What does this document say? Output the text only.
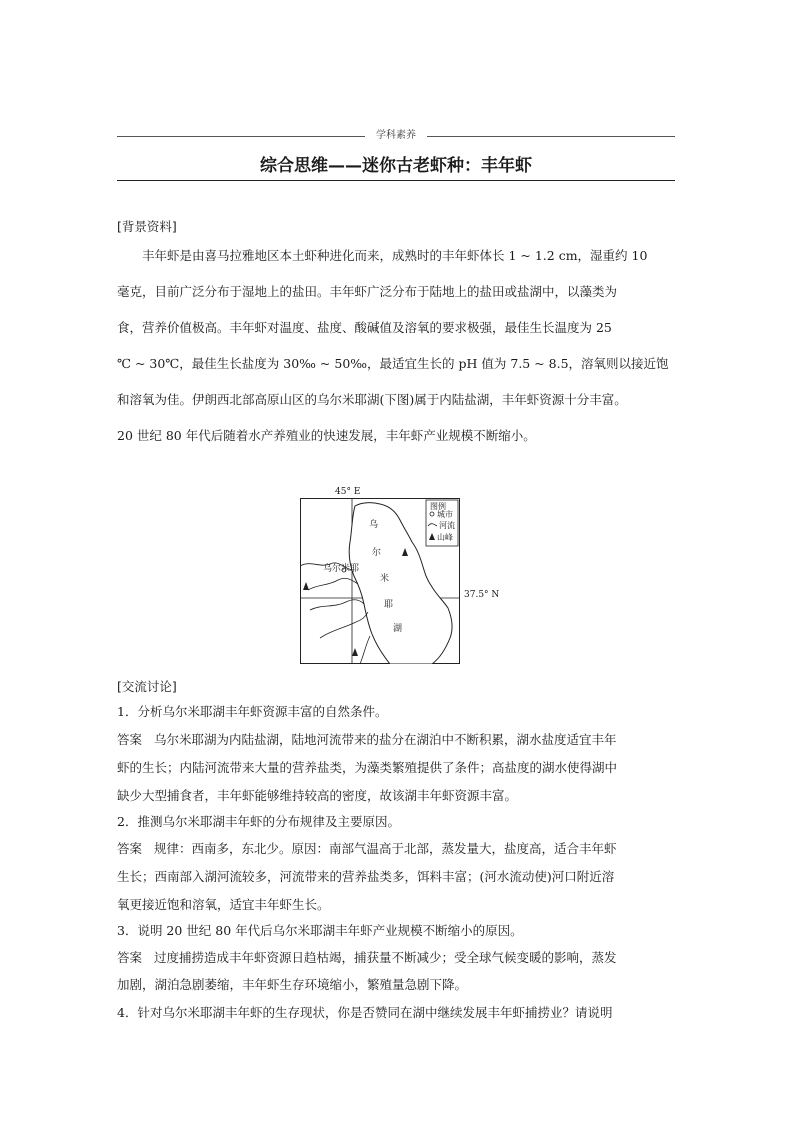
学科素养
综合思维——迷你古老虾种：丰年虾
[背景资料]

丰年虾是由喜马拉雅地区本土虾种进化而来，成熟时的丰年虾体长 1 ~ 1.2 cm，湿重约 10

毫克，目前广泛分布于湿地上的盐田。丰年虾广泛分布于陆地上的盐田或盐湖中，以藻类为

食，营养价值极高。丰年虾对温度、盐度、酸碱值及溶氧的要求极强，最佳生长温度为 25

℃ ~ 30℃，最佳生长盐度为 30‰ ~ 50‰，最适宜生长的 pH 值为 7.5 ~ 8.5，溶氧则以接近饱

和溶氧为佳。伊朗西北部高原山区的乌尔米耶湖(下图)属于内陆盐湖，丰年虾资源十分丰富。

20 世纪 80 年代后随着水产养殖业的快速发展，丰年虾产业规模不断缩小。

45° E
37.5° N
乌尔米耶
乌
尔
米
耶
湖
图例
城市
河流
山峰
[交流讨论]

1．分析乌尔米耶湖丰年虾资源丰富的自然条件。

答案 乌尔米耶湖为内陆盐湖，陆地河流带来的盐分在湖泊中不断积累，湖水盐度适宜丰年

虾的生长；内陆河流带来大量的营养盐类，为藻类繁殖提供了条件；高盐度的湖水使得湖中

缺少大型捕食者，丰年虾能够维持较高的密度，故该湖丰年虾资源丰富。

2．推测乌尔米耶湖丰年虾的分布规律及主要原因。

答案 规律：西南多，东北少。原因：南部气温高于北部，蒸发量大，盐度高，适合丰年虾

生长；西南部入湖河流较多，河流带来的营养盐类多，饵料丰富；(河水流动使)河口附近溶

氧更接近饱和溶氧，适宜丰年虾生长。

3．说明 20 世纪 80 年代后乌尔米耶湖丰年虾产业规模不断缩小的原因。

答案 过度捕捞造成丰年虾资源日趋枯竭，捕获量不断减少；受全球气候变暖的影响，蒸发

加剧，湖泊急剧萎缩，丰年虾生存环境缩小，繁殖量急剧下降。

4．针对乌尔米耶湖丰年虾的生存现状，你是否赞同在湖中继续发展丰年虾捕捞业？请说明
